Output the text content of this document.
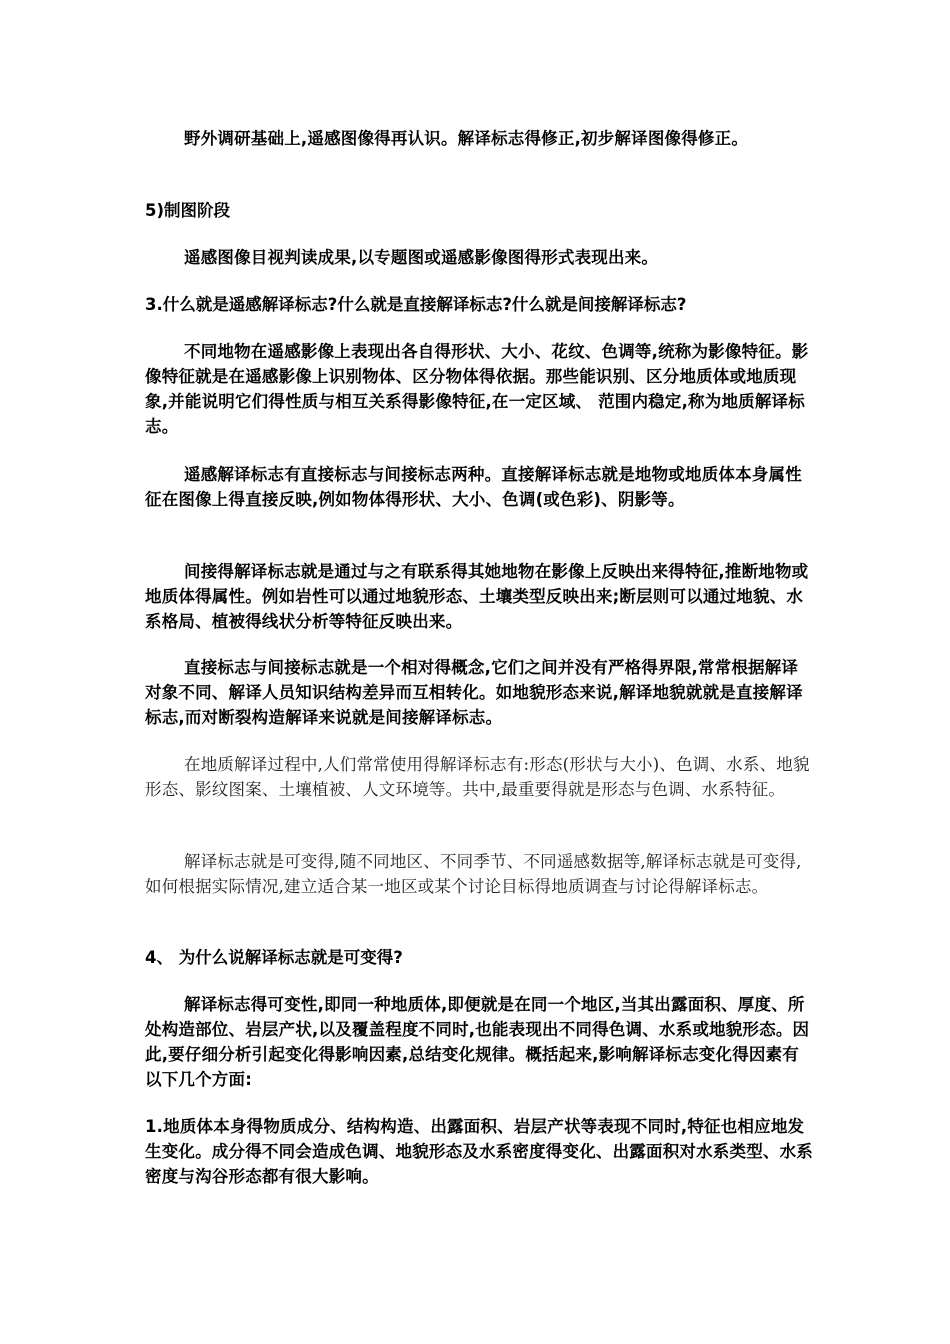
野外调研基础上,遥感图像得再认识。解译标志得修正,初步解译图像得修正。

5)制图阶段

遥感图像目视判读成果,以专题图或遥感影像图得形式表现出来。

3.什么就是遥感解译标志?什么就是直接解译标志?什么就是间接解译标志?

不同地物在遥感影像上表现出各自得形状、大小、花纹、色调等,统称为影像特征。影像特征就是在遥感影像上识别物体、区分物体得依据。那些能识别、区分地质体或地质现象,并能说明它们得性质与相互关系得影像特征,在一定区域、 范围内稳定,称为地质解译标志。

遥感解译标志有直接标志与间接标志两种。直接解译标志就是地物或地质体本身属性征在图像上得直接反映,例如物体得形状、大小、色调(或色彩)、阴影等。

间接得解译标志就是通过与之有联系得其她地物在影像上反映出来得特征,推断地物或地质体得属性。例如岩性可以通过地貌形态、土壤类型反映出来;断层则可以通过地貌、水系格局、植被得线状分析等特征反映出来。

直接标志与间接标志就是一个相对得概念,它们之间并没有严格得界限,常常根据解译对象不同、解译人员知识结构差异而互相转化。如地貌形态来说,解译地貌就就是直接解译标志,而对断裂构造解译来说就是间接解译标志。

在地质解译过程中,人们常常使用得解译标志有:形态(形状与大小)、色调、水系、地貌形态、影纹图案、土壤植被、人文环境等。共中,最重要得就是形态与色调、水系特征。

解译标志就是可变得,随不同地区、不同季节、不同遥感数据等,解译标志就是可变得,如何根据实际情况,建立适合某一地区或某个讨论目标得地质调查与讨论得解译标志。

4、 为什么说解译标志就是可变得?

解译标志得可变性,即同一种地质体,即便就是在同一个地区,当其出露面积、厚度、所处构造部位、岩层产状,以及覆盖程度不同时,也能表现出不同得色调、水系或地貌形态。因此,要仔细分析引起变化得影响因素,总结变化规律。概括起来,影响解译标志变化得因素有以下几个方面:

1.地质体本身得物质成分、结构构造、出露面积、岩层产状等表现不同时,特征也相应地发生变化。成分得不同会造成色调、地貌形态及水系密度得变化、出露面积对水系类型、水系密度与沟谷形态都有很大影响。
